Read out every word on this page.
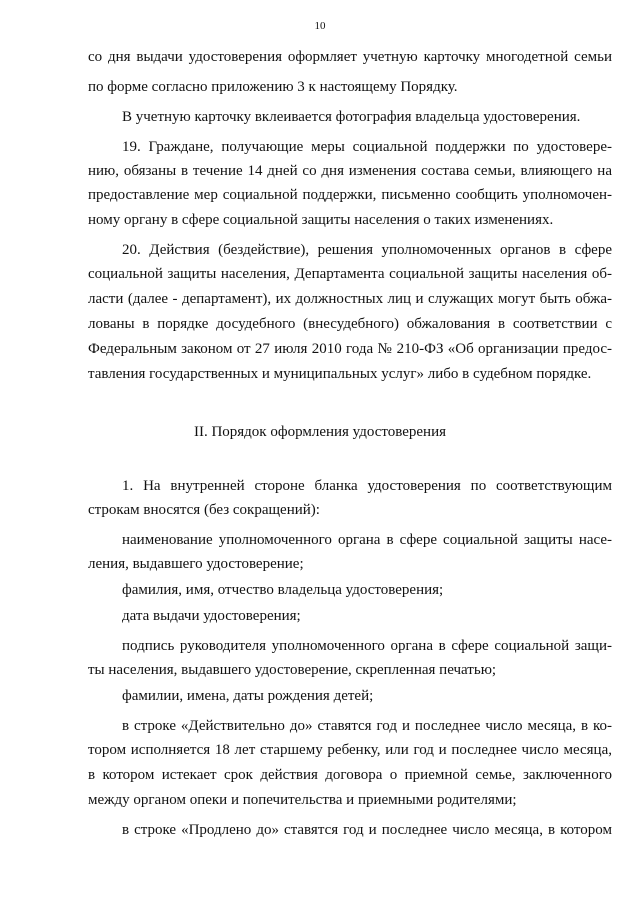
10
со дня выдачи удостоверения оформляет учетную карточку многодетной семьи
по форме согласно приложению 3 к настоящему Порядку.
В учетную карточку вклеивается фотография владельца удостоверения.
19. Граждане, получающие меры социальной поддержки по удостовере-
нию, обязаны в течение 14 дней со дня изменения состава семьи, влияющего на
предоставление мер социальной поддержки, письменно сообщить уполномочен-
ному органу в сфере социальной защиты населения о таких изменениях.
20. Действия (бездействие), решения уполномоченных органов в сфере
социальной защиты населения, Департамента социальной защиты населения об-
ласти (далее - департамент), их должностных лиц и служащих могут быть обжа-
лованы в порядке досудебного (внесудебного) обжалования в соответствии с
Федеральным законом от 27 июля 2010 года № 210-ФЗ «Об организации предос-
тавления государственных и муниципальных услуг» либо в судебном порядке.
II. Порядок оформления удостоверения
1. На внутренней стороне бланка удостоверения по соответствующим
строкам вносятся (без сокращений):
наименование уполномоченного органа в сфере социальной защиты насе-
ления, выдавшего удостоверение;
фамилия, имя, отчество владельца удостоверения;
дата выдачи удостоверения;
подпись руководителя уполномоченного органа в сфере социальной защи-
ты населения, выдавшего удостоверение, скрепленная печатью;
фамилии, имена, даты рождения детей;
в строке «Действительно до» ставятся год и последнее число месяца, в ко-
тором исполняется 18 лет старшему ребенку, или год и последнее число месяца,
в котором истекает срок действия договора о приемной семье, заключенного
между органом опеки и попечительства и приемными родителями;
в строке «Продлено до» ставятся год и последнее число месяца, в котором
